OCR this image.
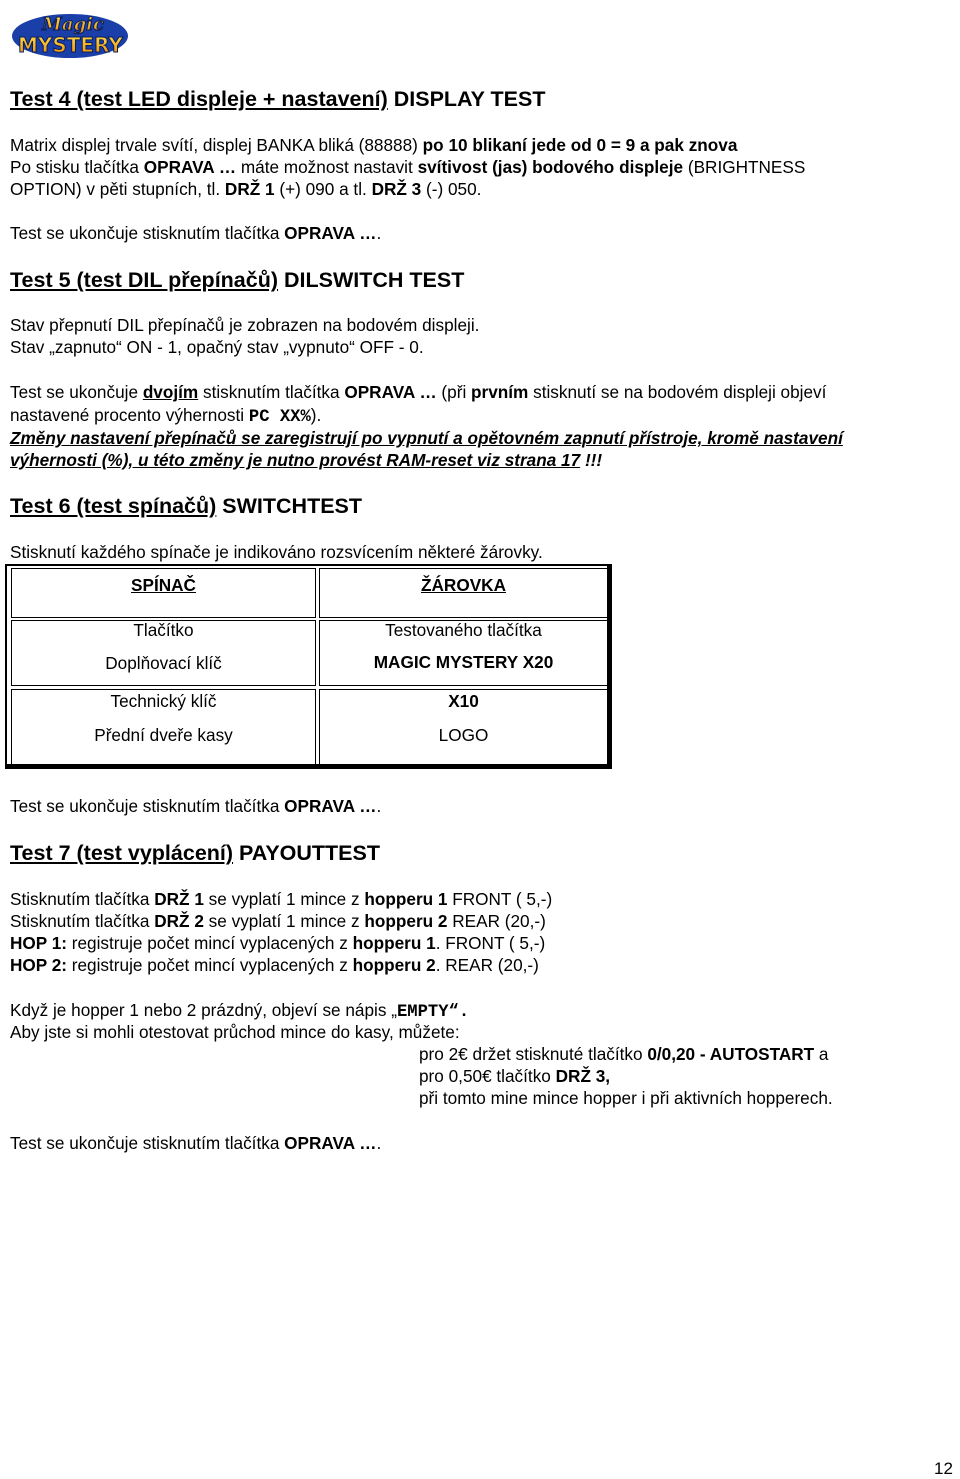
Magic
MYSTERY
Test 4 (test LED displeje + nastavení) DISPLAY TEST
Matrix displej trvale svítí, displej BANKA bliká (88888) po 10 blikaní jede od 0 = 9 a pak znova
Po stisku tlačítka OPRAVA … máte možnost nastavit svítivost (jas) bodového displeje (BRIGHTNESS
OPTION) v pěti stupních, tl. DRŽ 1 (+) 090 a tl. DRŽ 3 (-) 050.
Test se ukončuje stisknutím tlačítka OPRAVA ….
Test 5 (test DIL přepínačů) DILSWITCH TEST
Stav přepnutí DIL přepínačů je zobrazen na bodovém displeji.
Stav „zapnuto“ ON - 1, opačný stav „vypnuto“ OFF - 0.
Test se ukončuje dvojím stisknutím tlačítka OPRAVA … (při prvním stisknutí se na bodovém displeji objeví
nastavené procento výhernosti PC XX%).
Změny nastavení přepínačů se zaregistrují po vypnutí a opětovném zapnutí přístroje, kromě nastavení
výhernosti (%), u této změny je nutno provést RAM-reset viz strana 17 !!!
Test 6 (test spínačů) SWITCHTEST
Stisknutí každého spínače je indikováno rozsvícením některé žárovky.
SPÍNAČ	ŽÁROVKA
Tlačítko	Testovaného tlačítka
Doplňovací klíč	MAGIC MYSTERY X20
Technický klíč	X10
Přední dveře kasy	LOGO
Test se ukončuje stisknutím tlačítka OPRAVA ….
Test 7 (test vyplácení) PAYOUTTEST
Stisknutím tlačítka DRŽ 1 se vyplatí 1 mince z hopperu 1 FRONT ( 5,-)
Stisknutím tlačítka DRŽ 2 se vyplatí 1 mince z hopperu 2 REAR (20,-)
HOP 1: registruje počet mincí vyplacených z hopperu 1. FRONT ( 5,-)
HOP 2: registruje počet mincí vyplacených z hopperu 2. REAR (20,-)
Když je hopper 1 nebo 2 prázdný, objeví se nápis „EMPTY“.
Aby jste si mohli otestovat průchod mince do kasy, můžete:
pro 2€ držet stisknuté tlačítko 0/0,20 - AUTOSTART a
pro 0,50€ tlačítko DRŽ 3,
při tomto mine mince hopper i při aktivních hopperech.
Test se ukončuje stisknutím tlačítka OPRAVA ….
12
